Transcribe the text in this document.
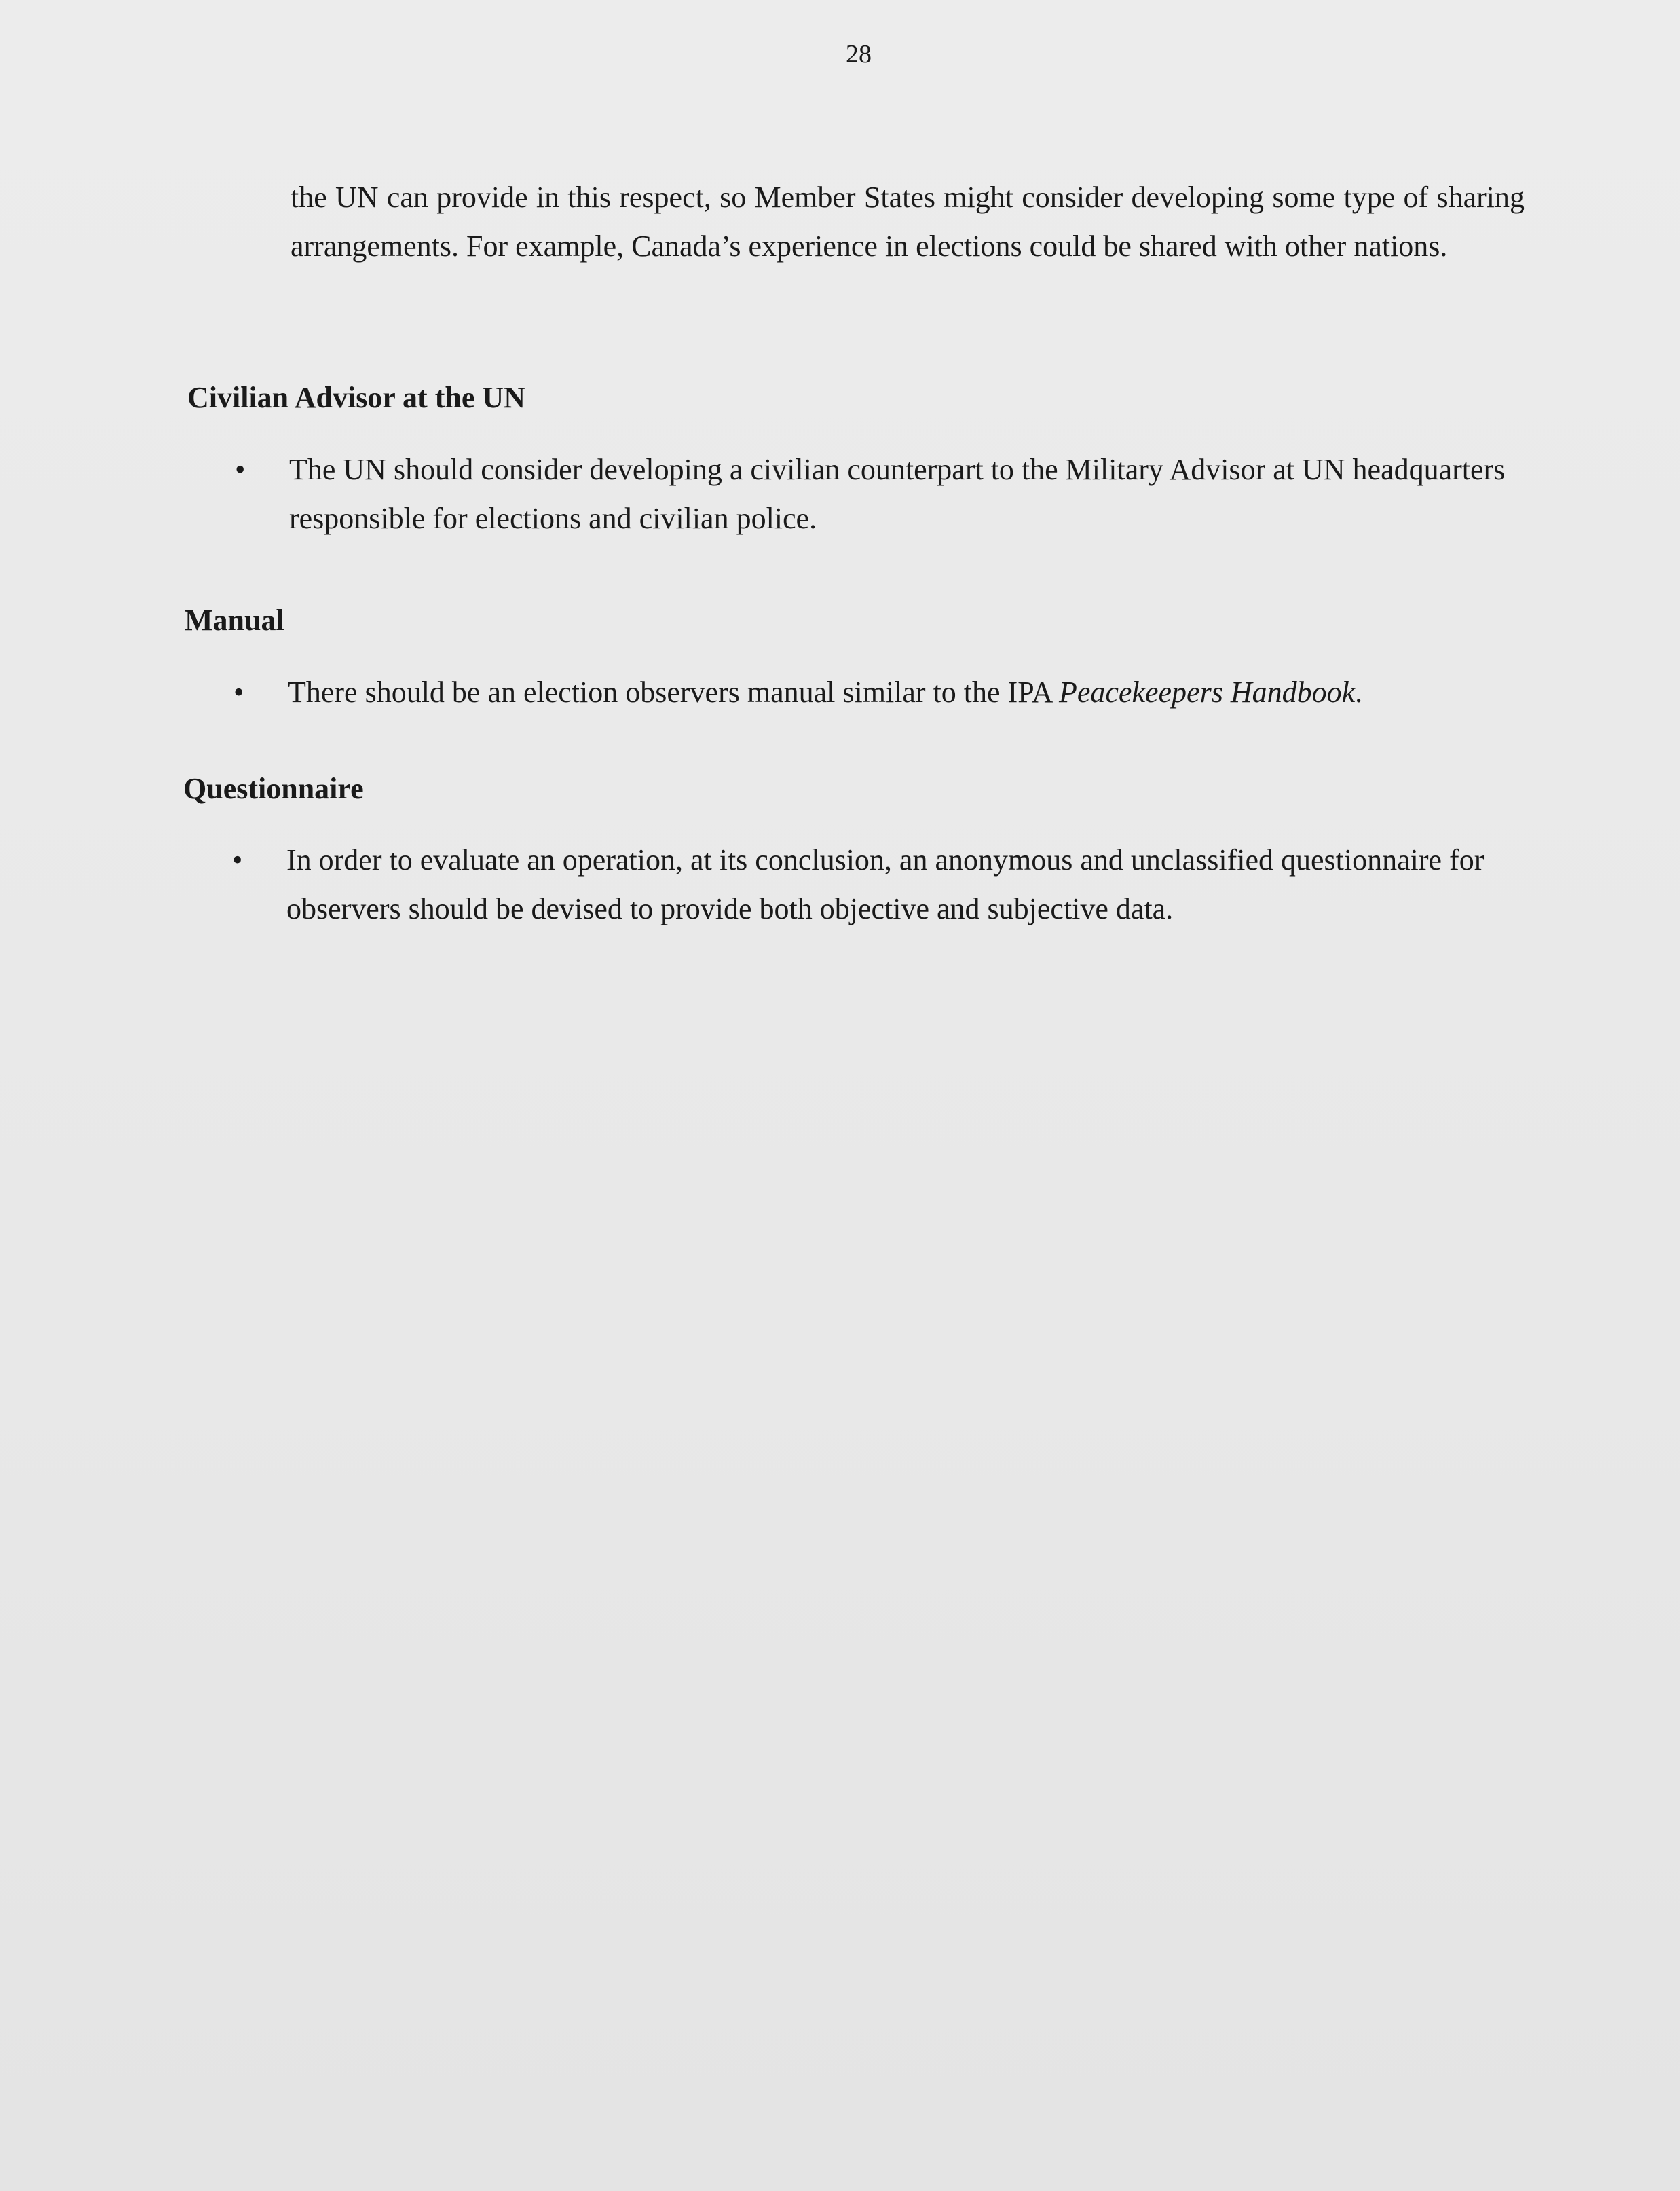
28

the UN can provide in this respect, so Member States might consider developing some type of sharing arrangements. For example, Canada’s experience in elections could be shared with other nations.

Civilian Advisor at the UN
•
The UN should consider developing a civilian counterpart to the Military Advisor at UN headquarters responsible for elections and civilian police.
Manual
•
There should be an election observers manual similar to the IPA Peacekeepers Handbook.
Questionnaire
•
In order to evaluate an operation, at its conclusion, an anonymous and unclassified questionnaire for observers should be devised to provide both objective and subjective data.
